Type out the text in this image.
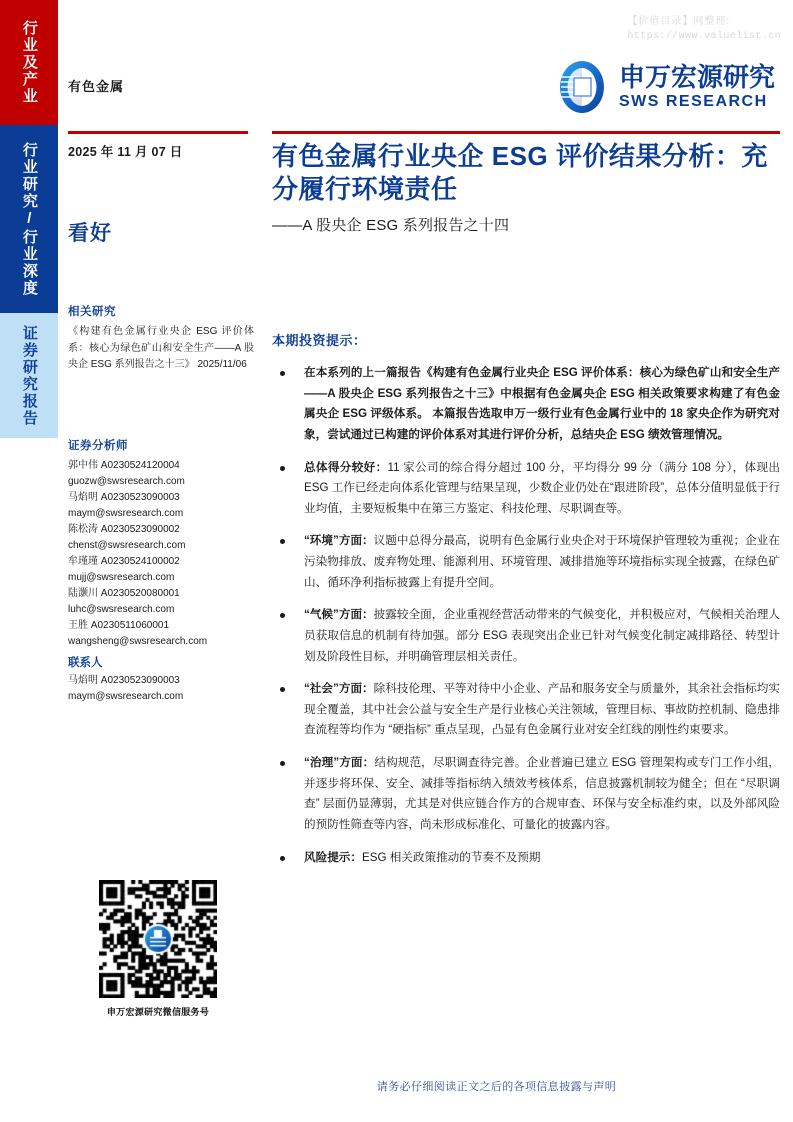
行业及产业
行业研究/行业深度
证券研究报告
【价值目录】网整理:
https://www.valuelist.cn
有色金属	申万宏源研究
SWS RESEARCH
2025 年 11 月 07 日
看好
相关研究
《构建有色金属行业央企 ESG 评价体系：核心为绿色矿山和安全生产——A 股央企 ESG 系列报告之十三》 2025/11/06
证券分析师
郭中伟 A0230524120004
guozw@swsresearch.com
马焰明 A0230523090003
maym@swsresearch.com
陈松涛 A0230523090002
chenst@swsresearch.com
牟瑾瑾 A0230524100002
mujj@swsresearch.com
陆灏川 A0230520080001
luhc@swsresearch.com
王胜 A0230511060001
wangsheng@swsresearch.com
联系人
马焰明 A0230523090003
maym@swsresearch.com
申万宏源研究微信服务号
有色金属行业央企 ESG 评价结果分析：充分履行环境责任
——A 股央企 ESG 系列报告之十四
本期投资提示：
在本系列的上一篇报告《构建有色金属行业央企 ESG 评价体系：核心为绿色矿山和安全生产——A 股央企 ESG 系列报告之十三》中根据有色金属央企 ESG 相关政策要求构建了有色金属央企 ESG 评级体系。 本篇报告选取申万一级行业有色金属行业中的 18 家央企作为研究对象，尝试通过已构建的评价体系对其进行评价分析，总结央企 ESG 绩效管理情况。
总体得分较好：11 家公司的综合得分超过 100 分，平均得分 99 分（满分 108 分），体现出 ESG 工作已经走向体系化管理与结果呈现，少数企业仍处在“跟进阶段”，总体分值明显低于行业均值，主要短板集中在第三方鉴定、科技伦理、尽职调查等。
“环境”方面：议题中总得分最高，说明有色金属行业央企对于环境保护管理较为重视；企业在污染物排放、废弃物处理、能源利用、环境管理、减排措施等环境指标实现全披露，在绿色矿山、循环净利指标披露上有提升空间。
“气候”方面：披露较全面，企业重视经营活动带来的气候变化，并积极应对，气候相关治理人员获取信息的机制有待加强。部分 ESG 表现突出企业已针对气候变化制定减排路径、转型计划及阶段性目标，并明确管理层相关责任。
“社会”方面：除科技伦理、平等对待中小企业、产品和服务安全与质量外，其余社会指标均实现全覆盖，其中社会公益与安全生产是行业核心关注领域，管理目标、事故防控机制、隐患排查流程等均作为 “硬指标” 重点呈现，凸显有色金属行业对安全红线的刚性约束要求。
“治理”方面：结构规范，尽职调查待完善。企业普遍已建立 ESG 管理架构或专门工作小组，并逐步将环保、安全、减排等指标纳入绩效考核体系，信息披露机制较为健全；但在 “尽职调查” 层面仍显薄弱，尤其是对供应链合作方的合规审查、环保与安全标准约束，以及外部风险的预防性筛查等内容，尚未形成标准化、可量化的披露内容。
风险提示：ESG 相关政策推动的节奏不及预期
请务必仔细阅读正文之后的各项信息披露与声明
